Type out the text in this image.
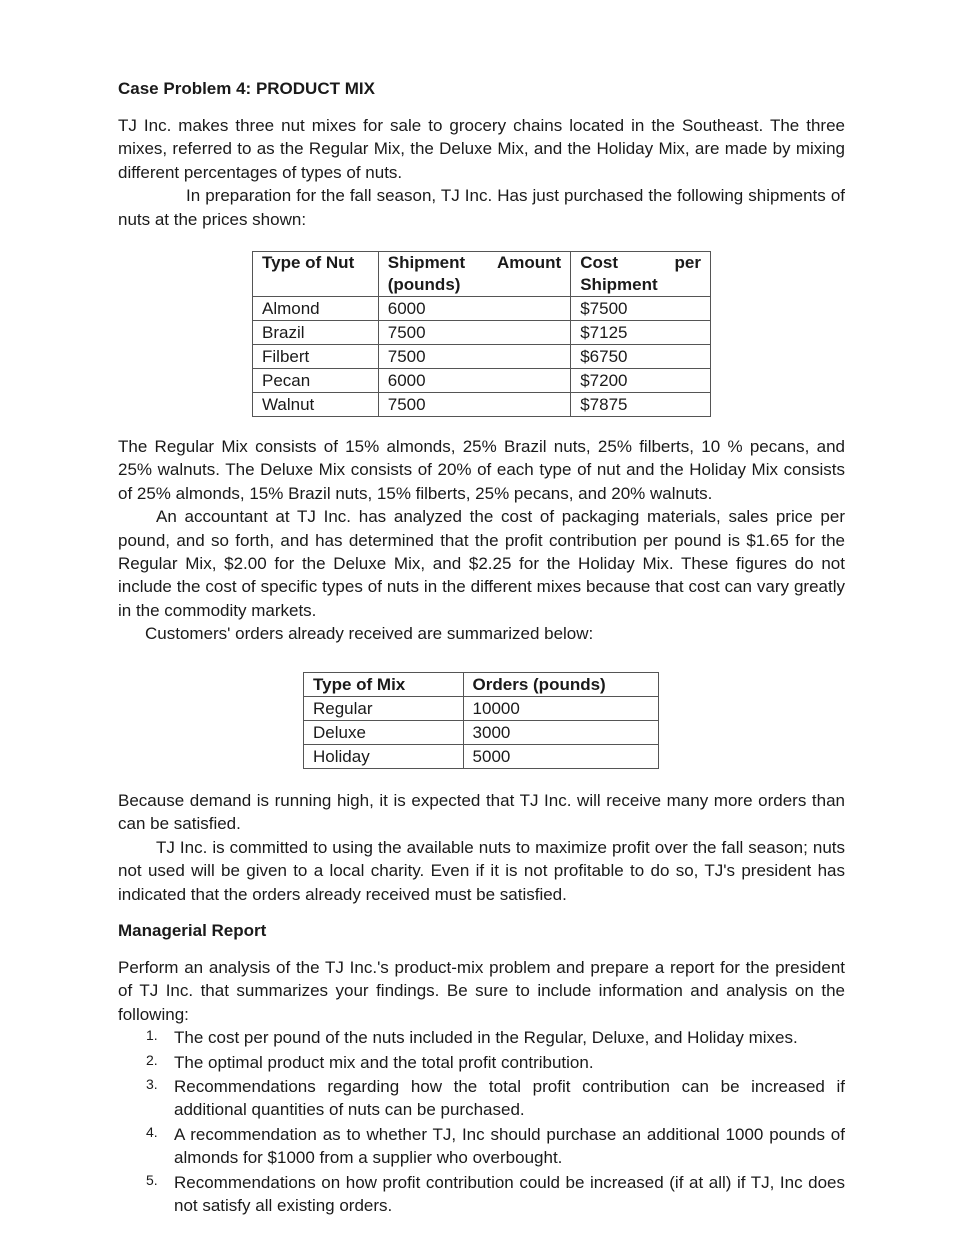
Case Problem 4: PRODUCT MIX

TJ Inc. makes three nut mixes for sale to grocery chains located in the Southeast. The three mixes, referred to as the Regular Mix, the Deluxe Mix, and the Holiday Mix, are made by mixing different percentages of types of nuts.

In preparation for the fall season, TJ Inc. Has just purchased the following shipments of nuts at the prices shown:

Type of Nut	Shipment Amount (pounds)	Cost per Shipment
Almond	6000	$7500
Brazil	7500	$7125
Filbert	7500	$6750
Pecan	6000	$7200
Walnut	7500	$7875

The Regular Mix consists of 15% almonds, 25% Brazil nuts, 25% filberts, 10 % pecans, and 25% walnuts. The Deluxe Mix consists of 20% of each type of nut and the Holiday Mix consists of 25% almonds, 15% Brazil nuts, 15% filberts, 25% pecans, and 20% walnuts.

An accountant at TJ Inc. has analyzed the cost of packaging materials, sales price per pound, and so forth, and has determined that the profit contribution per pound is $1.65 for the Regular Mix, $2.00 for the Deluxe Mix, and $2.25 for the Holiday Mix. These figures do not include the cost of specific types of nuts in the different mixes because that cost can vary greatly in the commodity markets.

Customers' orders already received are summarized below:

Type of Mix	Orders (pounds)
Regular	10000
Deluxe	3000
Holiday	5000

Because demand is running high, it is expected that TJ Inc. will receive many more orders than can be satisfied.

TJ Inc. is committed to using the available nuts to maximize profit over the fall season; nuts not used will be given to a local charity. Even if it is not profitable to do so, TJ's president has indicated that the orders already received must be satisfied.

Managerial Report

Perform an analysis of the TJ Inc.'s product-mix problem and prepare a report for the president of TJ Inc. that summarizes your findings. Be sure to include information and analysis on the following:

1. The cost per pound of the nuts included in the Regular, Deluxe, and Holiday mixes.
2. The optimal product mix and the total profit contribution.
3. Recommendations regarding how the total profit contribution can be increased if additional quantities of nuts can be purchased.
4. A recommendation as to whether TJ, Inc should purchase an additional 1000 pounds of almonds for $1000 from a supplier who overbought.
5. Recommendations on how profit contribution could be increased (if at all) if TJ, Inc does not satisfy all existing orders.
